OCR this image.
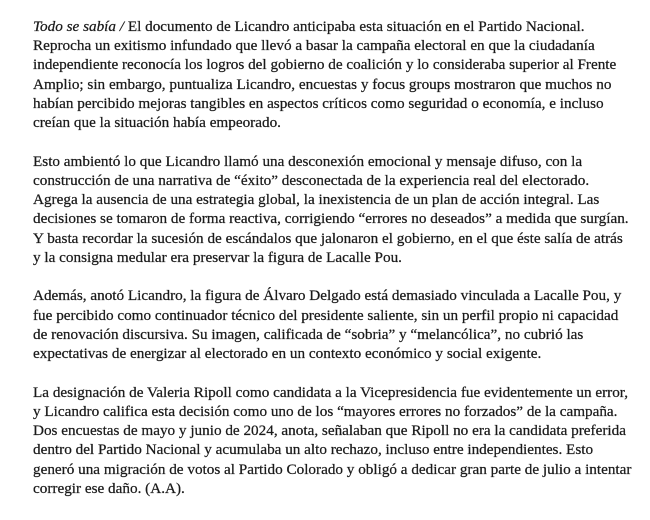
Todo se sabía / El documento de Licandro anticipaba esta situación en el Partido Nacional. Reprocha un exitismo infundado que llevó a basar la campaña electoral en que la ciudadanía independiente reconocía los logros del gobierno de coalición y lo consideraba superior al Frente Amplio; sin embargo, puntualiza Licandro, encuestas y focus groups mostraron que muchos no habían percibido mejoras tangibles en aspectos críticos como seguridad o economía, e incluso creían que la situación había empeorado.

Esto ambientó lo que Licandro llamó una desconexión emocional y mensaje difuso, con la construcción de una narrativa de “éxito” desconectada de la experiencia real del electorado. Agrega la ausencia de una estrategia global, la inexistencia de un plan de acción integral. Las decisiones se tomaron de forma reactiva, corrigiendo “errores no deseados” a medida que surgían. Y basta recordar la sucesión de escándalos que jalonaron el gobierno, en el que éste salía de atrás y la consigna medular era preservar la figura de Lacalle Pou.

Además, anotó Licandro, la figura de Álvaro Delgado está demasiado vinculada a Lacalle Pou, y fue percibido como continuador técnico del presidente saliente, sin un perfil propio ni capacidad de renovación discursiva. Su imagen, calificada de “sobria” y “melancólica”, no cubrió las expectativas de energizar al electorado en un contexto económico y social exigente.

La designación de Valeria Ripoll como candidata a la Vicepresidencia fue evidentemente un error, y Licandro califica esta decisión como uno de los “mayores errores no forzados” de la campaña. Dos encuestas de mayo y junio de 2024, anota, señalaban que Ripoll no era la candidata preferida dentro del Partido Nacional y acumulaba un alto rechazo, incluso entre independientes. Esto generó una migración de votos al Partido Colorado y obligó a dedicar gran parte de julio a intentar corregir ese daño. (A.A).
